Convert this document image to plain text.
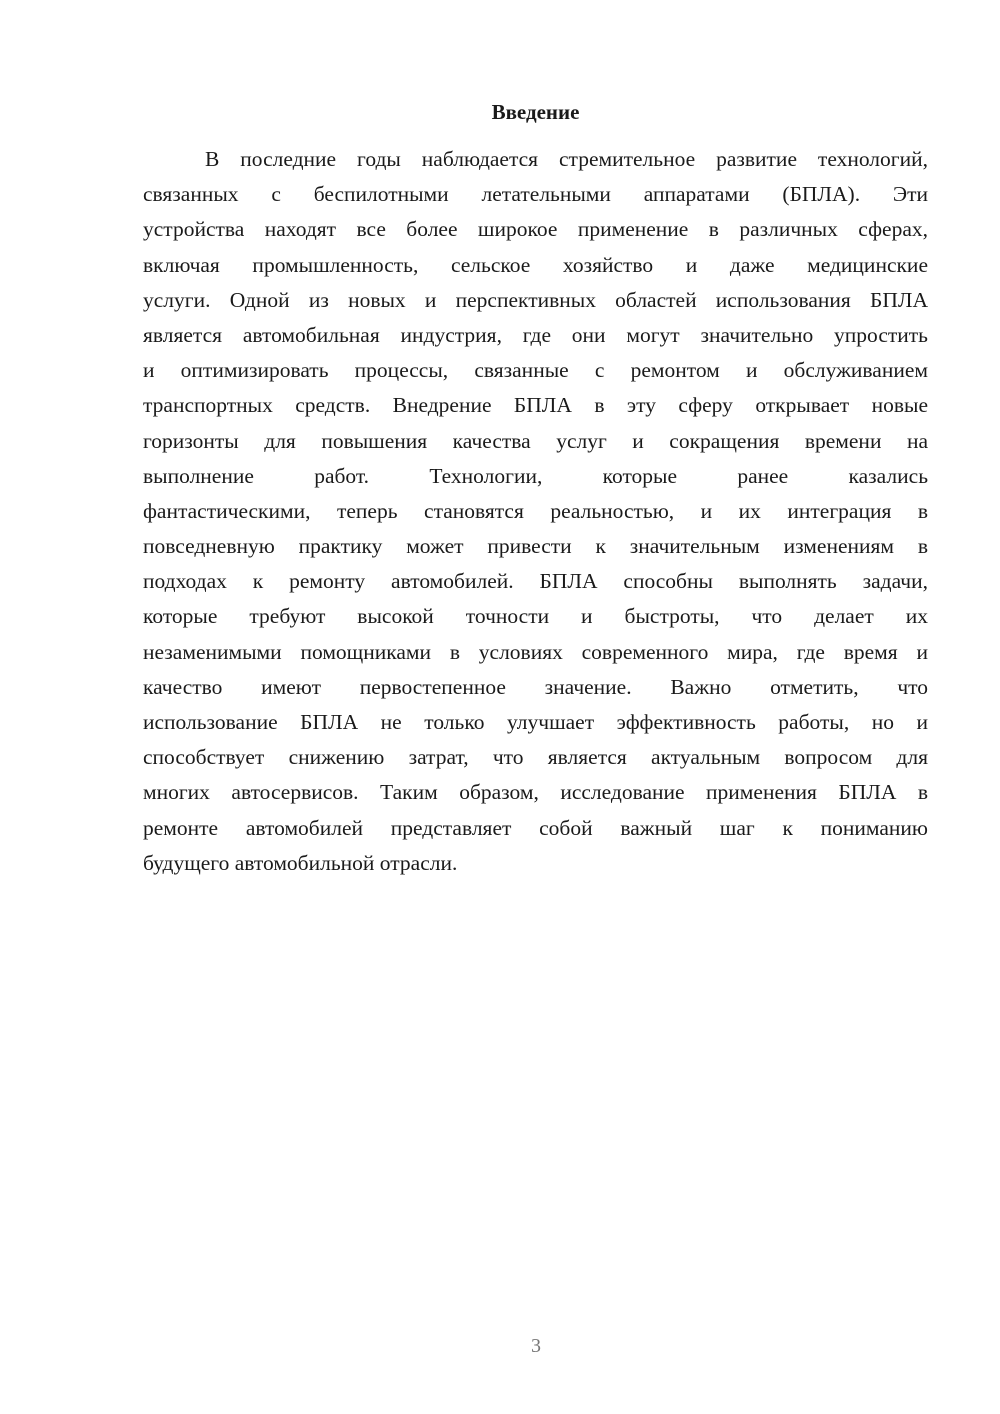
Введение
В последние годы наблюдается стремительное развитие технологий,
связанных с беспилотными летательными аппаратами (БПЛА). Эти
устройства находят все более широкое применение в различных сферах,
включая промышленность, сельское хозяйство и даже медицинские
услуги. Одной из новых и перспективных областей использования БПЛА
является автомобильная индустрия, где они могут значительно упростить
и оптимизировать процессы, связанные с ремонтом и обслуживанием
транспортных средств. Внедрение БПЛА в эту сферу открывает новые
горизонты для повышения качества услуг и сокращения времени на
выполнение работ. Технологии, которые ранее казались
фантастическими, теперь становятся реальностью, и их интеграция в
повседневную практику может привести к значительным изменениям в
подходах к ремонту автомобилей. БПЛА способны выполнять задачи,
которые требуют высокой точности и быстроты, что делает их
незаменимыми помощниками в условиях современного мира, где время и
качество имеют первостепенное значение. Важно отметить, что
использование БПЛА не только улучшает эффективность работы, но и
способствует снижению затрат, что является актуальным вопросом для
многих автосервисов. Таким образом, исследование применения БПЛА в
ремонте автомобилей представляет собой важный шаг к пониманию
будущего автомобильной отрасли.
3
